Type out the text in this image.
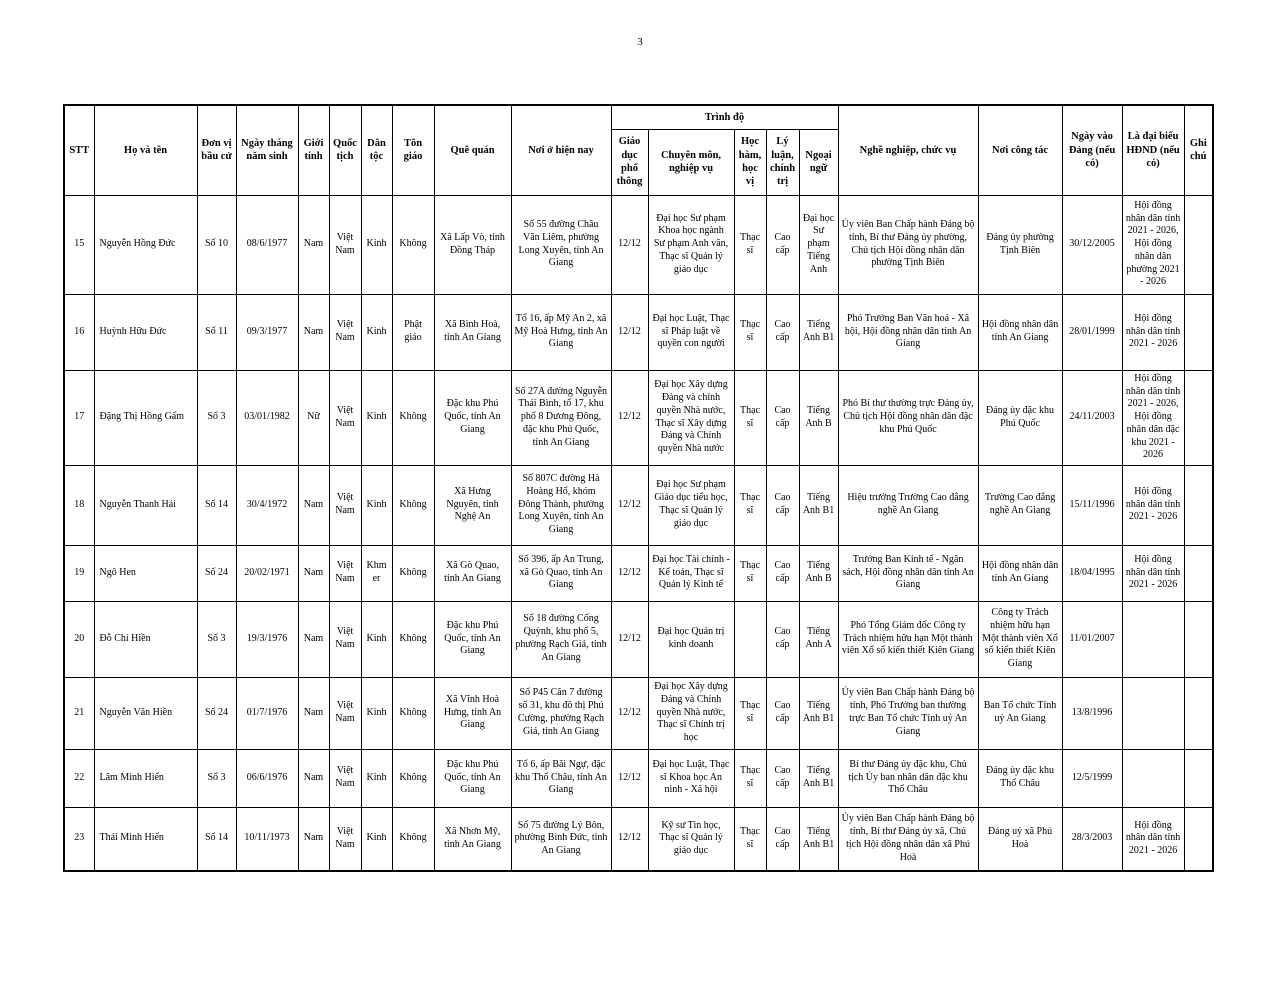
3
STT	Họ và tên	Đơn vị bầu cử	Ngày tháng năm sinh	Giới tính	Quốc tịch	Dân tộc	Tôn giáo	Quê quán	Nơi ở hiện nay	Trình độ					Nghề nghiệp, chức vụ	Nơi công tác	Ngày vào Đảng (nếu có)	Là đại biểu HĐND (nếu có)	Ghi chú
										Giáo dục phổ thông	Chuyên môn, nghiệp vụ	Học hàm, học vị	Lý luận, chính trị	Ngoại ngữ					
15	Nguyễn Hồng Đức	Số 10	08/6/1977	Nam	Việt Nam	Kinh	Không	Xã Lấp Vò, tỉnh Đồng Tháp	Số 55 đường Châu Văn Liêm, phường Long Xuyên, tỉnh An Giang	12/12	Đại học Sư phạm Khoa học ngành Sư phạm Anh văn, Thạc sĩ Quản lý giáo dục	Thạc sĩ	Cao cấp	Đại học Sư phạm Tiếng Anh	Ủy viên Ban Chấp hành Đảng bộ tỉnh, Bí thư Đảng ủy phường, Chủ tịch Hội đồng nhân dân phường Tịnh Biên	Đảng ủy phường Tịnh Biên	30/12/2005	Hội đồng nhân dân tỉnh 2021 - 2026, Hội đồng nhân dân phường 2021 - 2026	
16	Huỳnh Hữu Đức	Số 11	09/3/1977	Nam	Việt Nam	Kinh	Phật giáo	Xã Bình Hoà, tỉnh An Giang	Tổ 16, ấp Mỹ An 2, xã Mỹ Hoà Hưng, tỉnh An Giang	12/12	Đại học Luật, Thạc sĩ Pháp luật về quyền con người	Thạc sĩ	Cao cấp	Tiếng Anh B1	Phó Trưởng Ban Văn hoá - Xã hội, Hội đồng nhân dân tỉnh An Giang	Hội đồng nhân dân tỉnh An Giang	28/01/1999	Hội đồng nhân dân tỉnh 2021 - 2026	
17	Đặng Thị Hồng Gấm	Số 3	03/01/1982	Nữ	Việt Nam	Kinh	Không	Đặc khu Phú Quốc, tỉnh An Giang	Số 27A đường Nguyễn Thái Bình, tổ 17, khu phố 8 Dương Đông, đặc khu Phú Quốc, tỉnh An Giang	12/12	Đại học Xây dựng Đảng và chính quyền Nhà nước, Thạc sĩ Xây dựng Đảng và Chính quyền Nhà nước	Thạc sĩ	Cao cấp	Tiếng Anh B	Phó Bí thư thường trực Đảng ủy, Chủ tịch Hội đồng nhân dân đặc khu Phú Quốc	Đảng ủy đặc khu Phú Quốc	24/11/2003	Hội đồng nhân dân tỉnh 2021 - 2026, Hội đồng nhân dân đặc khu 2021 - 2026	
18	Nguyễn Thanh Hải	Số 14	30/4/1972	Nam	Việt Nam	Kinh	Không	Xã Hưng Nguyên, tỉnh Nghệ An	Số 807C đường Hà Hoàng Hổ, khóm Đông Thành, phường Long Xuyên, tỉnh An Giang	12/12	Đại học Sư phạm Giáo dục tiểu học, Thạc sĩ Quản lý giáo dục	Thạc sĩ	Cao cấp	Tiếng Anh B1	Hiệu trưởng Trường Cao đẳng nghề An Giang	Trường Cao đẳng nghề An Giang	15/11/1996	Hội đồng nhân dân tỉnh 2021 - 2026	
19	Ngô Hen	Số 24	20/02/1971	Nam	Việt Nam	Khmer	Không	Xã Gò Quao, tỉnh An Giang	Số 396, ấp An Trung, xã Gò Quao, tỉnh An Giang	12/12	Đại học Tài chính - Kế toán, Thạc sĩ Quản lý Kinh tế	Thạc sĩ	Cao cấp	Tiếng Anh B	Trưởng Ban Kinh tế - Ngân sách, Hội đồng nhân dân tỉnh An Giang	Hội đồng nhân dân tỉnh An Giang	18/04/1995	Hội đồng nhân dân tỉnh 2021 - 2026	
20	Đỗ Chí Hiền	Số 3	19/3/1976	Nam	Việt Nam	Kinh	Không	Đặc khu Phú Quốc, tỉnh An Giang	Số 18 đường Cống Quỳnh, khu phố 5, phường Rạch Giá, tỉnh An Giang	12/12	Đại học Quản trị kinh doanh		Cao cấp	Tiếng Anh A	Phó Tổng Giám đốc Công ty Trách nhiệm hữu hạn Một thành viên Xổ số kiến thiết Kiên Giang	Công ty Trách nhiệm hữu hạn Một thành viên Xổ số kiến thiết Kiên Giang	11/01/2007		
21	Nguyễn Văn Hiền	Số 24	01/7/1976	Nam	Việt Nam	Kinh	Không	Xã Vĩnh Hoà Hưng, tỉnh An Giang	Số P45 Căn 7 đường số 31, khu đô thị Phú Cường, phường Rạch Giá, tỉnh An Giang	12/12	Đại học Xây dựng Đảng và Chính quyền Nhà nước, Thạc sĩ Chính trị học	Thạc sĩ	Cao cấp	Tiếng Anh B1	Ủy viên Ban Chấp hành Đảng bộ tỉnh, Phó Trưởng ban thường trực Ban Tổ chức Tỉnh uỷ An Giang	Ban Tổ chức Tỉnh uỷ An Giang	13/8/1996		
22	Lâm Minh Hiển	Số 3	06/6/1976	Nam	Việt Nam	Kinh	Không	Đặc khu Phú Quốc, tỉnh An Giang	Tổ 6, ấp Bãi Ngự, đặc khu Thổ Châu, tỉnh An Giang	12/12	Đại học Luật, Thạc sĩ Khoa học An ninh - Xã hội	Thạc sĩ	Cao cấp	Tiếng Anh B1	Bí thư Đảng ủy đặc khu, Chủ tịch Ủy ban nhân dân đặc khu Thổ Châu	Đảng ủy đặc khu Thổ Châu	12/5/1999		
23	Thái Minh Hiển	Số 14	10/11/1973	Nam	Việt Nam	Kinh	Không	Xã Nhơn Mỹ, tỉnh An Giang	Số 75 đường Lý Bôn, phường Bình Đức, tỉnh An Giang	12/12	Kỹ sư Tin học, Thạc sĩ Quản lý giáo dục	Thạc sĩ	Cao cấp	Tiếng Anh B1	Ủy viên Ban Chấp hành Đảng bộ tỉnh, Bí thư Đảng ủy xã, Chủ tịch Hội đồng nhân dân xã Phú Hoà	Đảng uỷ xã Phú Hoà	28/3/2003	Hội đồng nhân dân tỉnh 2021 - 2026	
